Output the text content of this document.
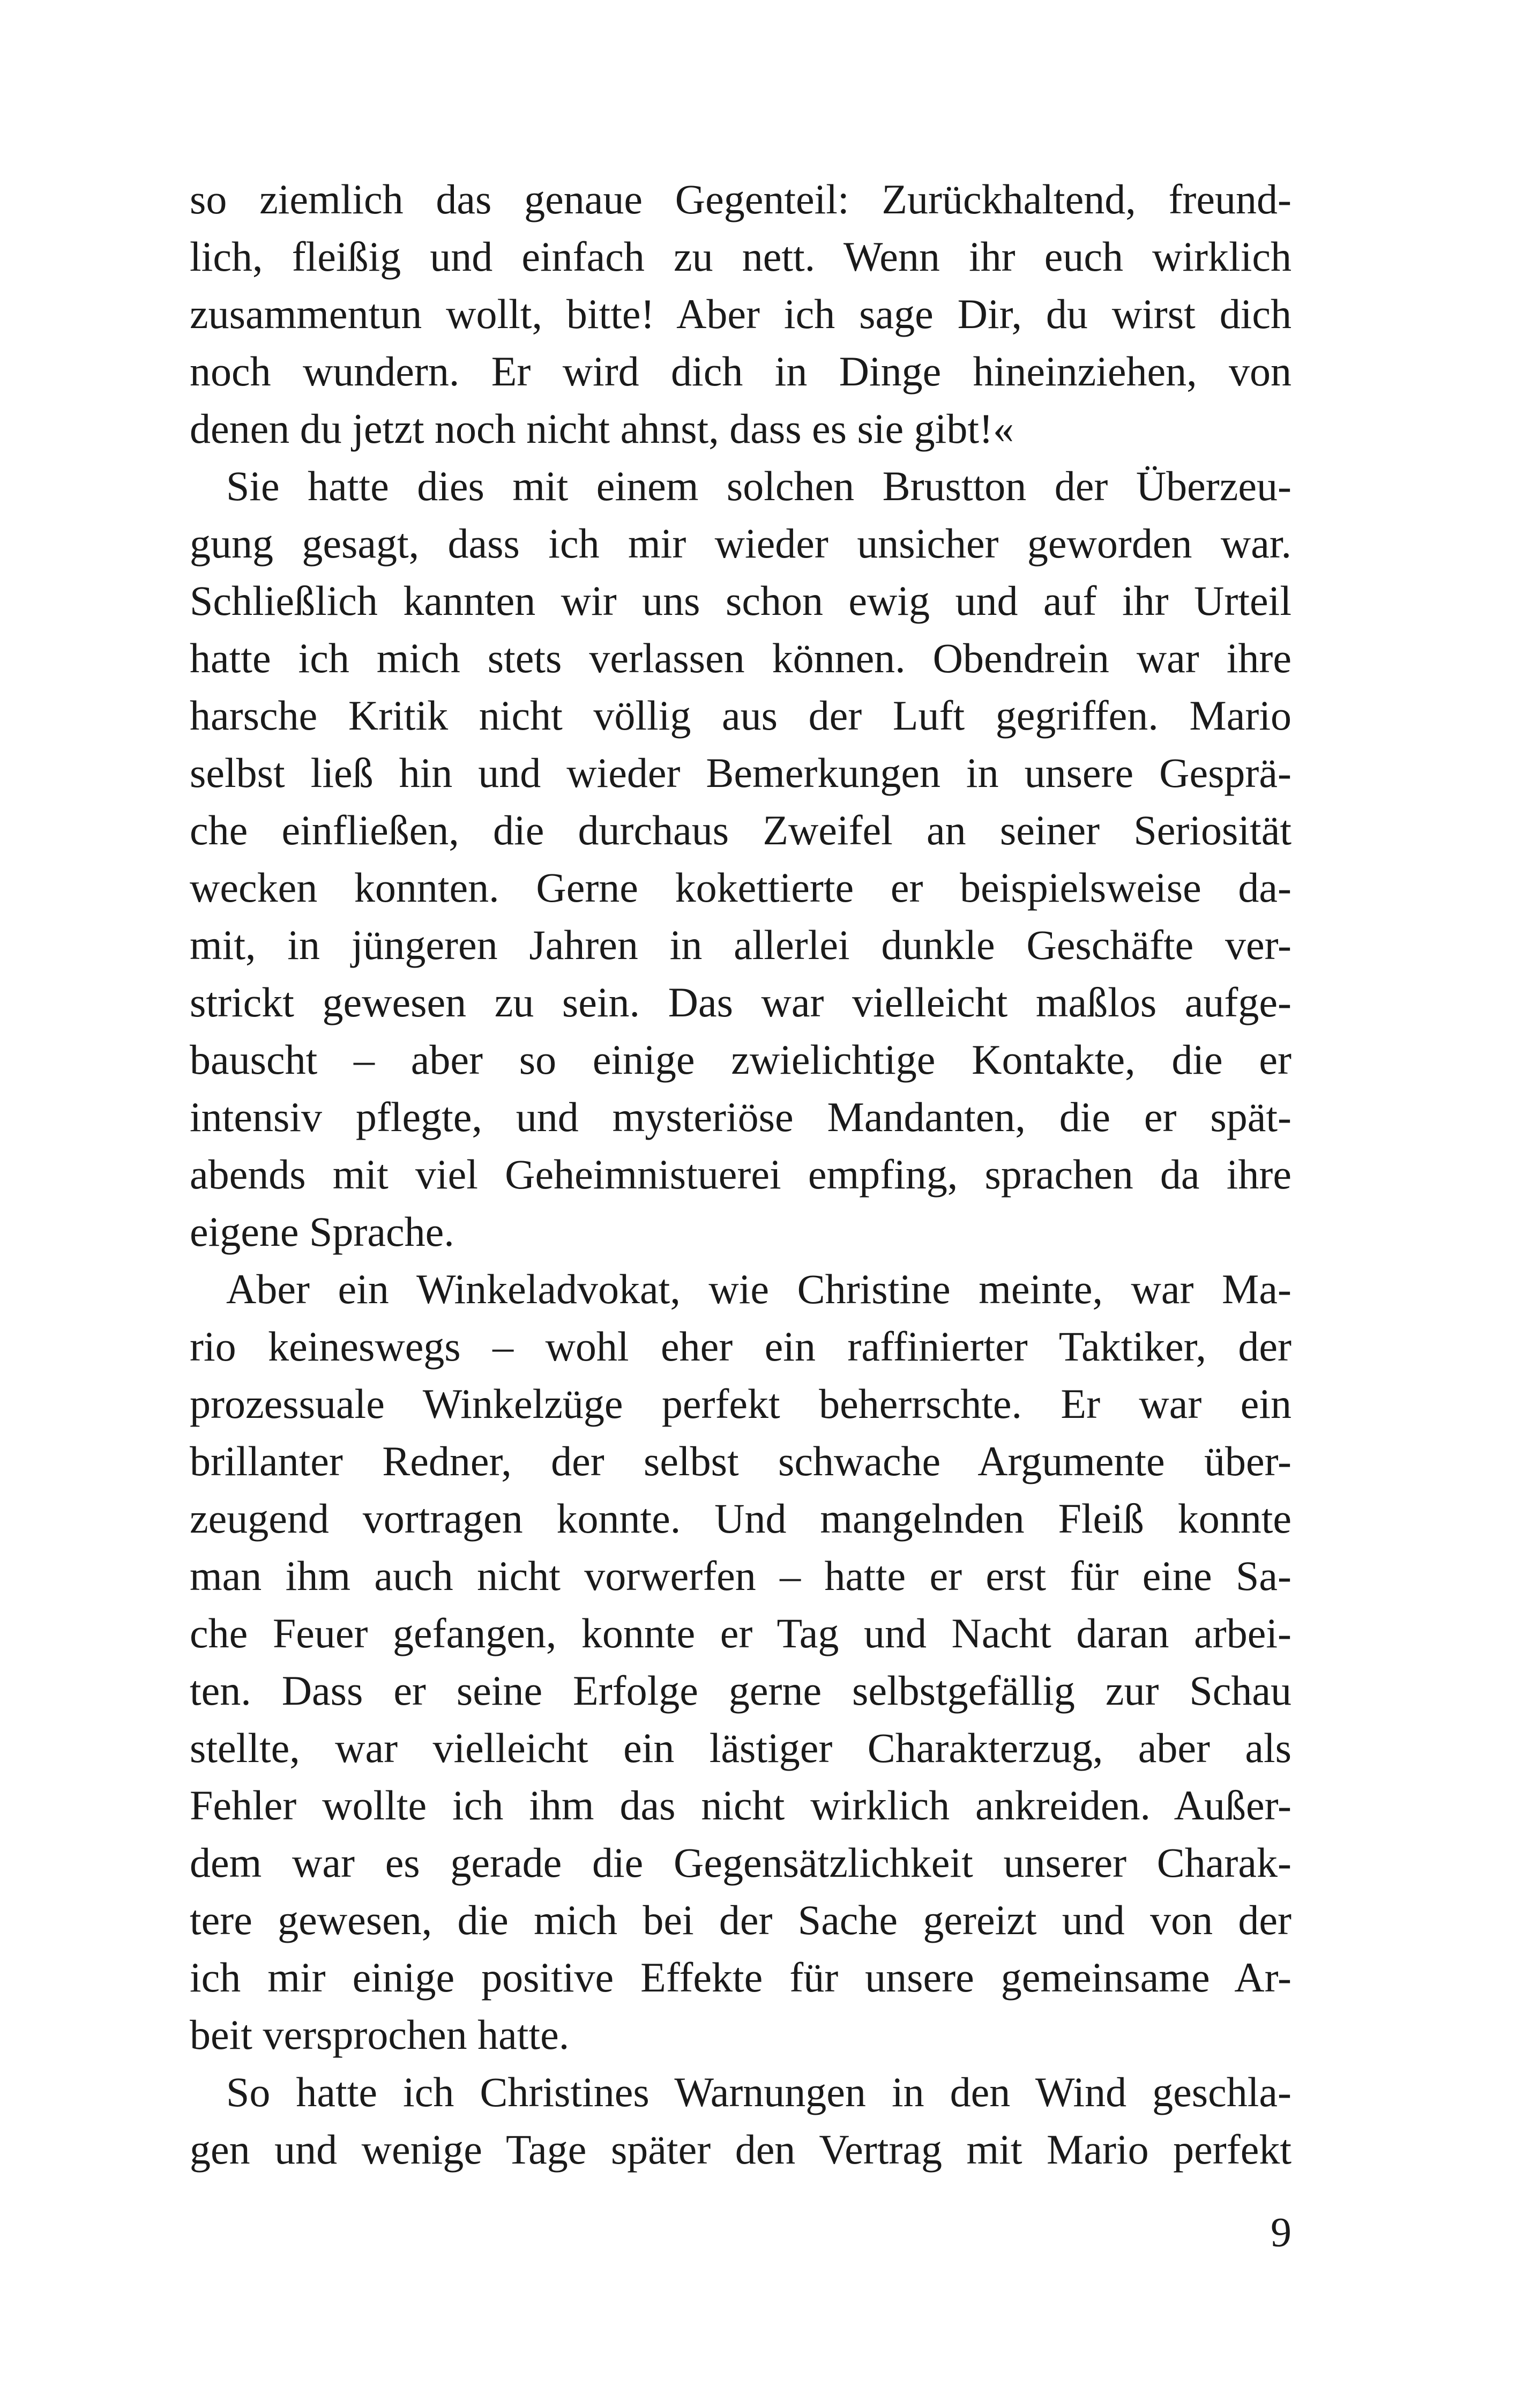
so ziemlich das genaue Gegenteil: Zurückhaltend, freund-
lich, fleißig und einfach zu nett. Wenn ihr euch wirklich
zusammentun wollt, bitte! Aber ich sage Dir, du wirst dich
noch wundern. Er wird dich in Dinge hineinziehen, von
denen du jetzt noch nicht ahnst, dass es sie gibt!«
Sie hatte dies mit einem solchen Brustton der Überzeu-
gung gesagt, dass ich mir wieder unsicher geworden war.
Schließlich kannten wir uns schon ewig und auf ihr Urteil
hatte ich mich stets verlassen können. Obendrein war ihre
harsche Kritik nicht völlig aus der Luft gegriffen. Mario
selbst ließ hin und wieder Bemerkungen in unsere Gesprä-
che einfließen, die durchaus Zweifel an seiner Seriosität
wecken konnten. Gerne kokettierte er beispielsweise da-
mit, in jüngeren Jahren in allerlei dunkle Geschäfte ver-
strickt gewesen zu sein. Das war vielleicht maßlos aufge-
bauscht – aber so einige zwielichtige Kontakte, die er
intensiv pflegte, und mysteriöse Mandanten, die er spät-
abends mit viel Geheimnistuerei empfing, sprachen da ihre
eigene Sprache.
Aber ein Winkeladvokat, wie Christine meinte, war Ma-
rio keineswegs – wohl eher ein raffinierter Taktiker, der
prozessuale Winkelzüge perfekt beherrschte. Er war ein
brillanter Redner, der selbst schwache Argumente über-
zeugend vortragen konnte. Und mangelnden Fleiß konnte
man ihm auch nicht vorwerfen – hatte er erst für eine Sa-
che Feuer gefangen, konnte er Tag und Nacht daran arbei-
ten. Dass er seine Erfolge gerne selbstgefällig zur Schau
stellte, war vielleicht ein lästiger Charakterzug, aber als
Fehler wollte ich ihm das nicht wirklich ankreiden. Außer-
dem war es gerade die Gegensätzlichkeit unserer Charak-
tere gewesen, die mich bei der Sache gereizt und von der
ich mir einige positive Effekte für unsere gemeinsame Ar-
beit versprochen hatte.
So hatte ich Christines Warnungen in den Wind geschla-
gen und wenige Tage später den Vertrag mit Mario perfekt
9
